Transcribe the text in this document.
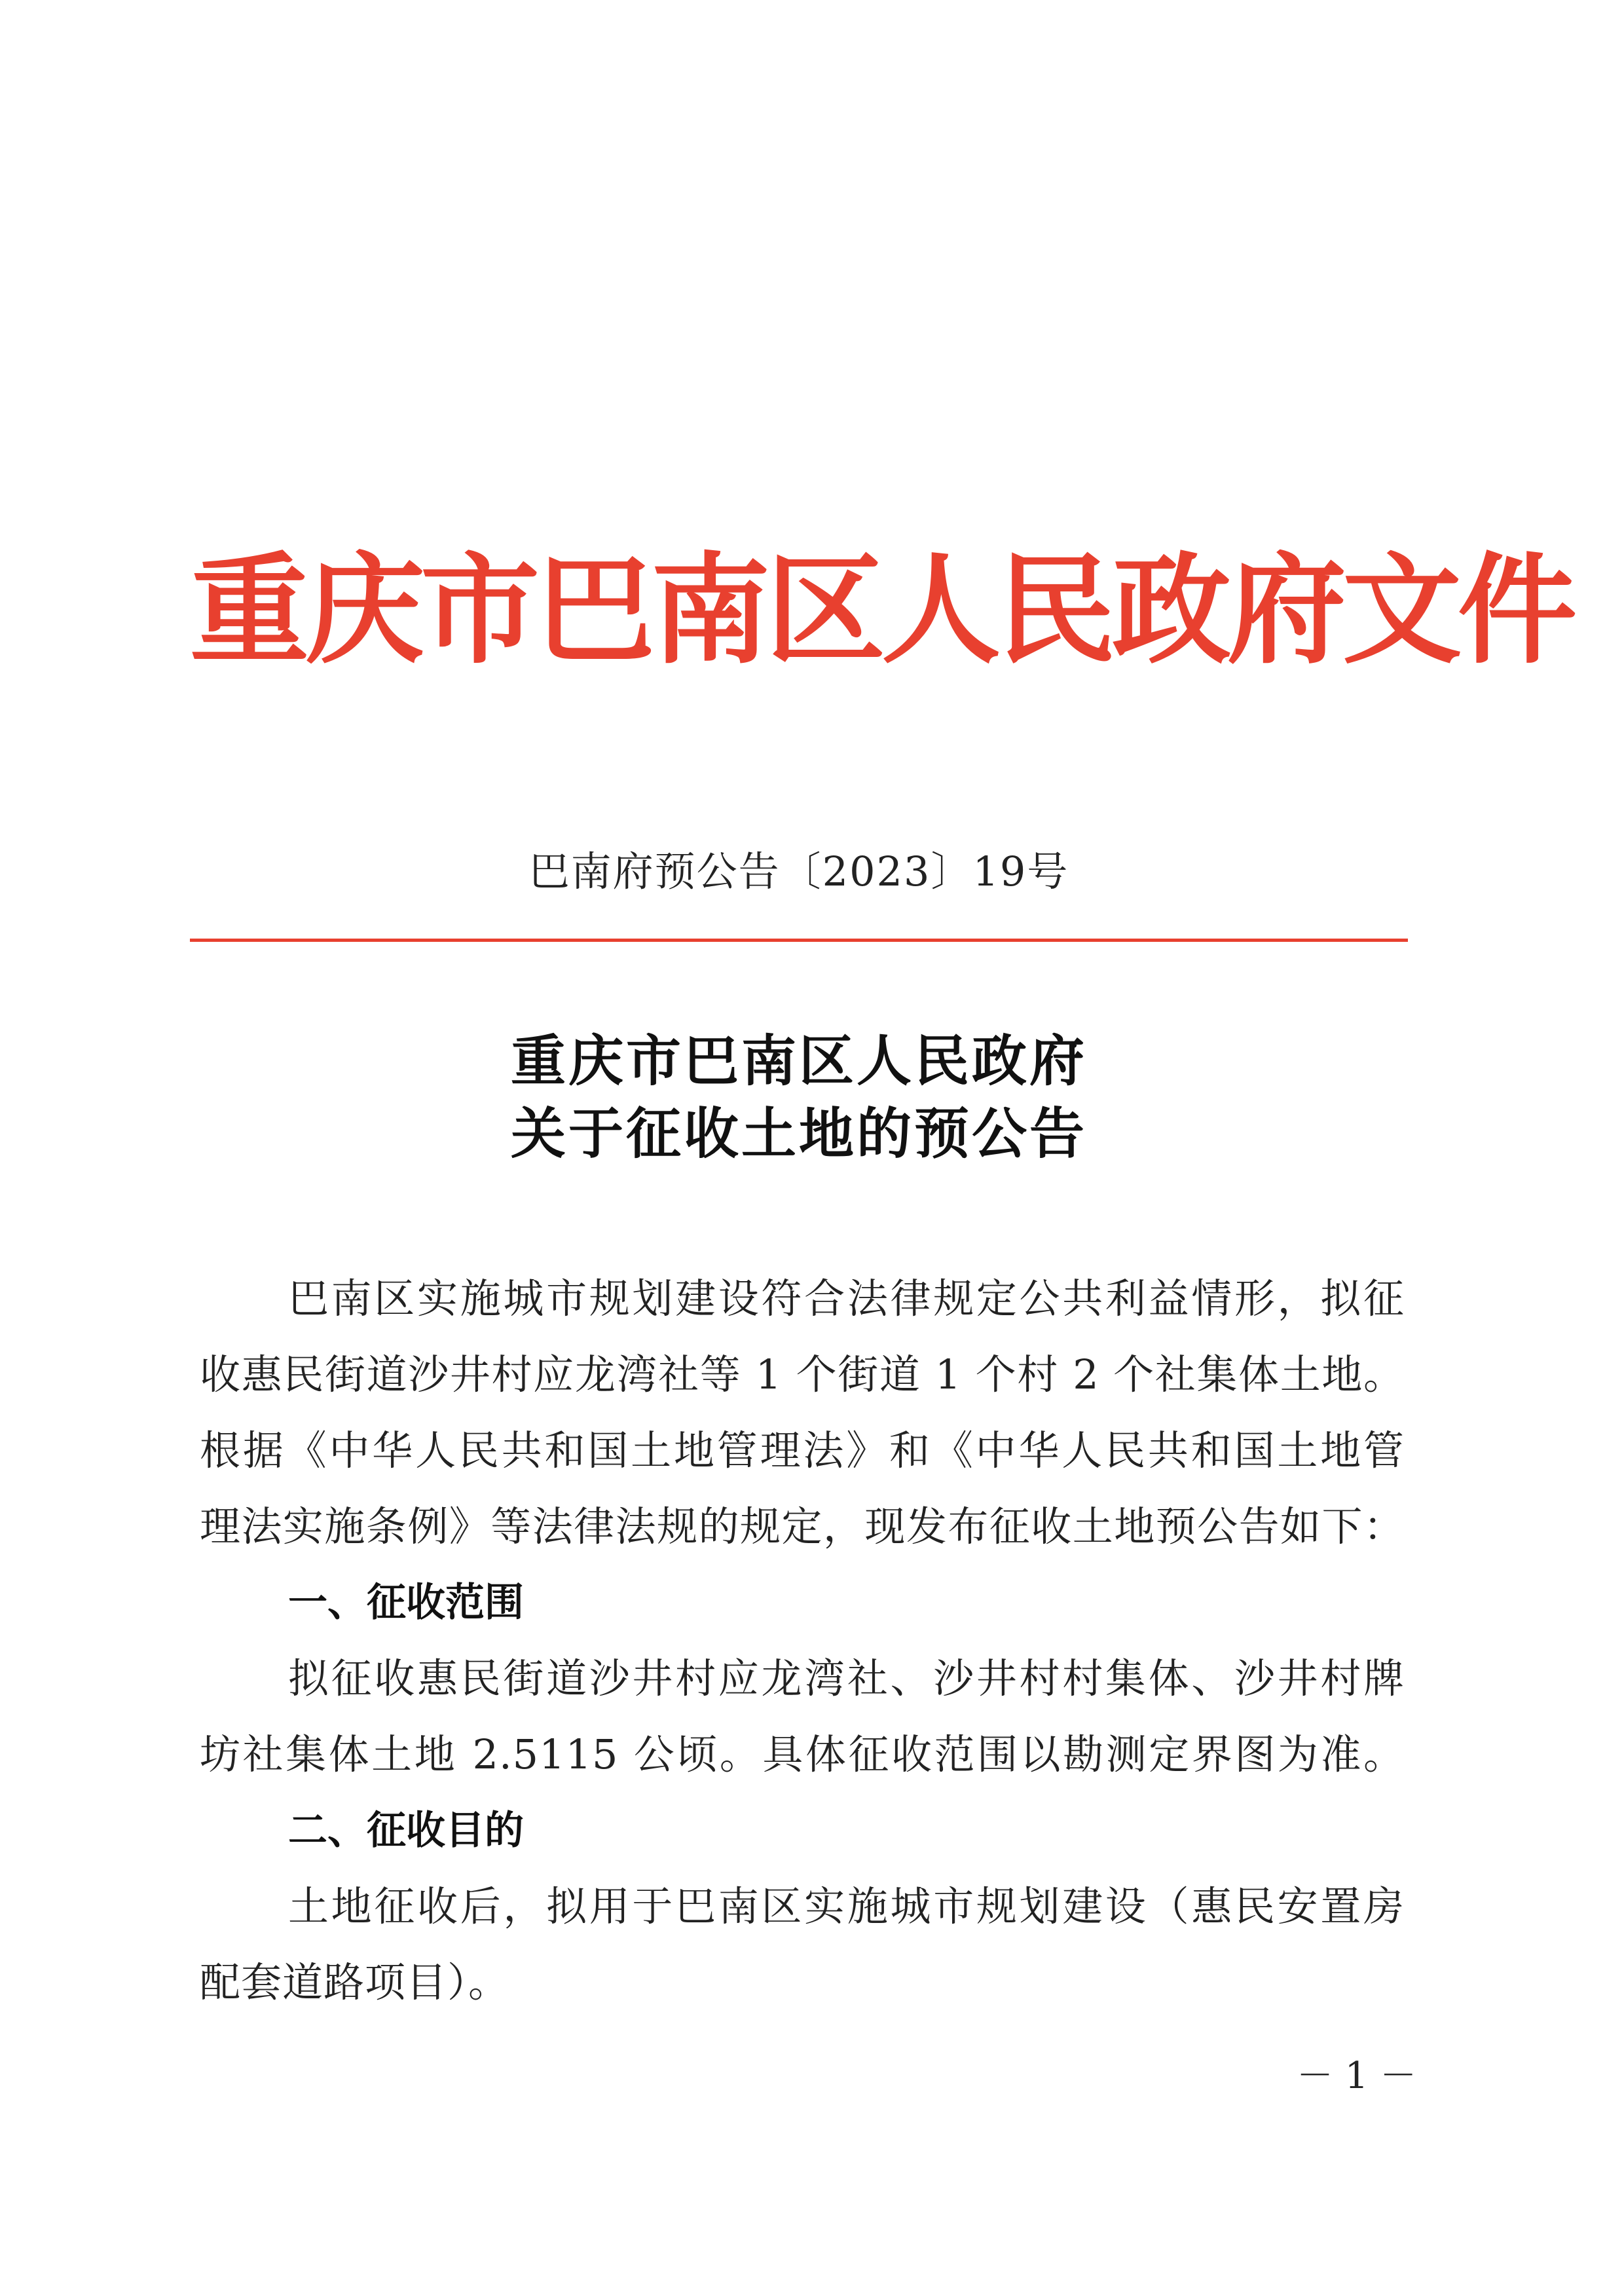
重庆市巴南区人民政府文件
巴南府预公告〔2023〕19号
重庆市巴南区人民政府
关于征收土地的预公告
巴南区实施城市规划建设符合法律规定公共利益情形，拟征
收惠民街道沙井村应龙湾社等 1 个街道 1 个村 2 个社集体土地。
根据《中华人民共和国土地管理法》和《中华人民共和国土地管
理法实施条例》等法律法规的规定，现发布征收土地预公告如下：
一、征收范围
拟征收惠民街道沙井村应龙湾社、沙井村村集体、沙井村牌
坊社集体土地 2.5115 公顷。具体征收范围以勘测定界图为准。
二、征收目的
土地征收后，拟用于巴南区实施城市规划建设（惠民安置房
配套道路项目）。
－ 1 －
